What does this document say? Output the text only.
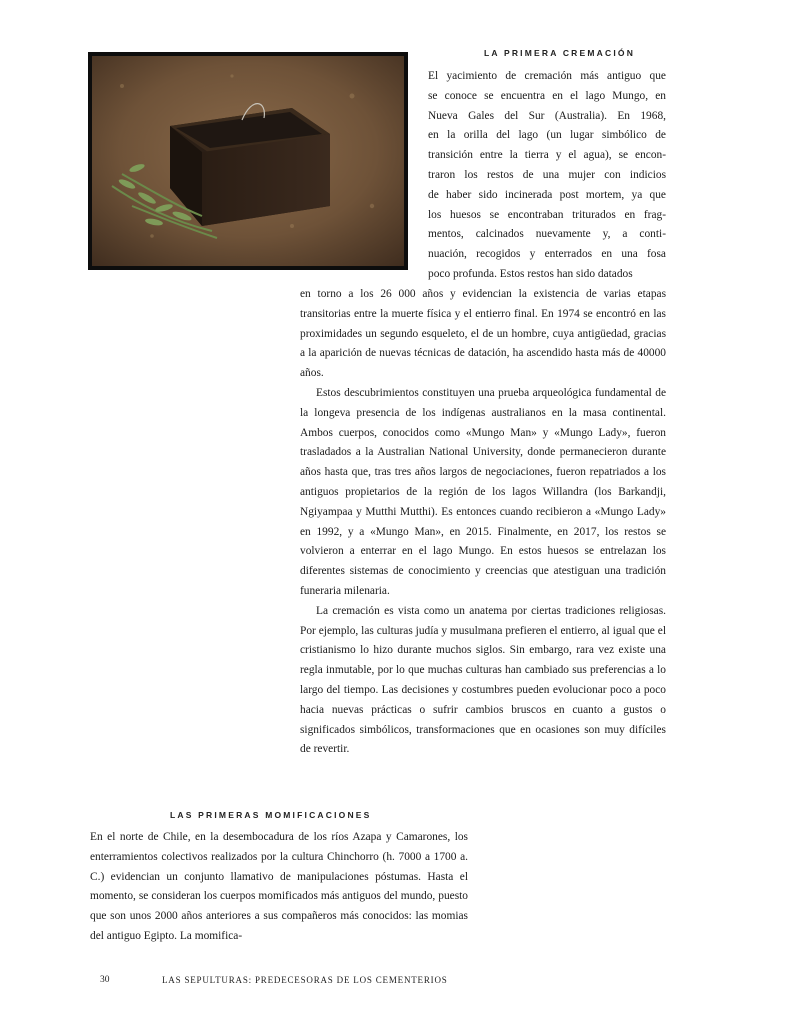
LA PRIMERA CREMACIÓN
El yacimiento de cremación más antiguo que
se conoce se encuentra en el lago Mungo, en
Nueva Gales del Sur (Australia). En 1968,
en la orilla del lago (un lugar simbólico de
transición entre la tierra y el agua), se encon-
traron los restos de una mujer con indicios
de haber sido incinerada post mortem, ya que
los huesos se encontraban triturados en frag-
mentos, calcinados nuevamente y, a conti-
nuación, recogidos y enterrados en una fosa
poco profunda. Estos restos han sido datados

en torno a los 26 000 años y evidencian la existencia de varias etapas transitorias entre la muerte física y el entierro final. En 1974 se encontró en las proximidades un segundo esqueleto, el de un hombre, cuya antigüedad, gracias a la aparición de nuevas técnicas de datación, ha ascendido hasta más de 40000 años.

Estos descubrimientos constituyen una prueba arqueológica fundamental de la longeva presencia de los indígenas australianos en la masa continental. Ambos cuerpos, conocidos como «Mungo Man» y «Mungo Lady», fueron trasladados a la Australian National University, donde permanecieron durante años hasta que, tras tres años largos de negociaciones, fueron repatriados a los antiguos propietarios de la región de los lagos Willandra (los Barkandji, Ngiyampaa y Mutthi Mutthi). Es entonces cuando recibieron a «Mungo Lady» en 1992, y a «Mungo Man», en 2015. Finalmente, en 2017, los restos se volvieron a enterrar en el lago Mungo. En estos huesos se entrelazan los diferentes sistemas de conocimiento y creencias que atestiguan una tradición funeraria milenaria.

La cremación es vista como un anatema por ciertas tradiciones religiosas. Por ejemplo, las culturas judía y musulmana prefieren el entierro, al igual que el cristianismo lo hizo durante muchos siglos. Sin embargo, rara vez existe una regla inmutable, por lo que muchas culturas han cambiado sus preferencias a lo largo del tiempo. Las decisiones y costumbres pueden evolucionar poco a poco hacia nuevas prácticas o sufrir cambios bruscos en cuanto a gustos o significados simbólicos, transformaciones que en ocasiones son muy difíciles de revertir.

LAS PRIMERAS MOMIFICACIONES

En el norte de Chile, en la desembocadura de los ríos Azapa y Camarones, los enterramientos colectivos realizados por la cultura Chinchorro (h. 7000 a 1700 a. C.) evidencian un conjunto llamativo de manipulaciones póstumas. Hasta el momento, se consideran los cuerpos momificados más antiguos del mundo, puesto que son unos 2000 años anteriores a sus compañeros más conocidos: las momias del antiguo Egipto. La momifica-

30	LAS SEPULTURAS: PREDECESORAS DE LOS CEMENTERIOS
